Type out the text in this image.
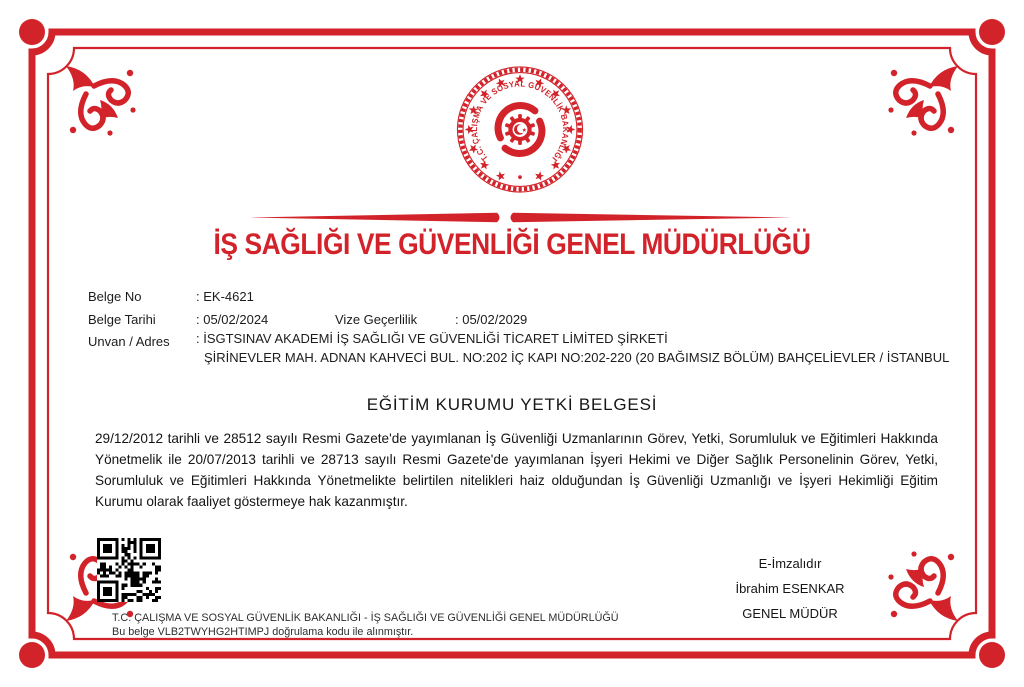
T.C. ÇALIŞMA VE SOSYAL GÜVENLİK BAKANLIĞI
İŞ SAĞLIĞI VE GÜVENLİĞİ GENEL MÜDÜRLÜĞÜ
Belge No	: EK-4621
Belge Tarihi	: 05/02/2024	Vize Geçerlilik	: 05/02/2029
Unvan / Adres : İSGTSINAV AKADEMİ İŞ SAĞLIĞI VE GÜVENLİĞİ TİCARET LİMİTED ŞİRKETİ
ŞİRİNEVLER MAH. ADNAN KAHVECİ BUL. NO:202 İÇ KAPI NO:202-220 (20 BAĞIMSIZ BÖLÜM) BAHÇELİEVLER / İSTANBUL
EĞİTİM KURUMU YETKİ BELGESİ
29/12/2012 tarihli ve 28512 sayılı Resmi Gazete'de yayımlanan İş Güvenliği Uzmanlarının Görev, Yetki, Sorumluluk ve Eğitimleri Hakkında Yönetmelik ile 20/07/2013 tarihli ve 28713 sayılı Resmi Gazete'de yayımlanan İşyeri Hekimi ve Diğer Sağlık Personelinin Görev, Yetki, Sorumluluk ve Eğitimleri Hakkında Yönetmelikte belirtilen nitelikleri haiz olduğundan İş Güvenliği Uzmanlığı ve İşyeri Hekimliği Eğitim Kurumu olarak faaliyet göstermeye hak kazanmıştır.
T.C. ÇALIŞMA VE SOSYAL GÜVENLİK BAKANLIĞI - İŞ SAĞLIĞI VE GÜVENLİĞİ GENEL MÜDÜRLÜĞÜ
Bu belge VLB2TWYHG2HTIMPJ doğrulama kodu ile alınmıştır.
E-İmzalıdır
İbrahim ESENKAR
GENEL MÜDÜR
